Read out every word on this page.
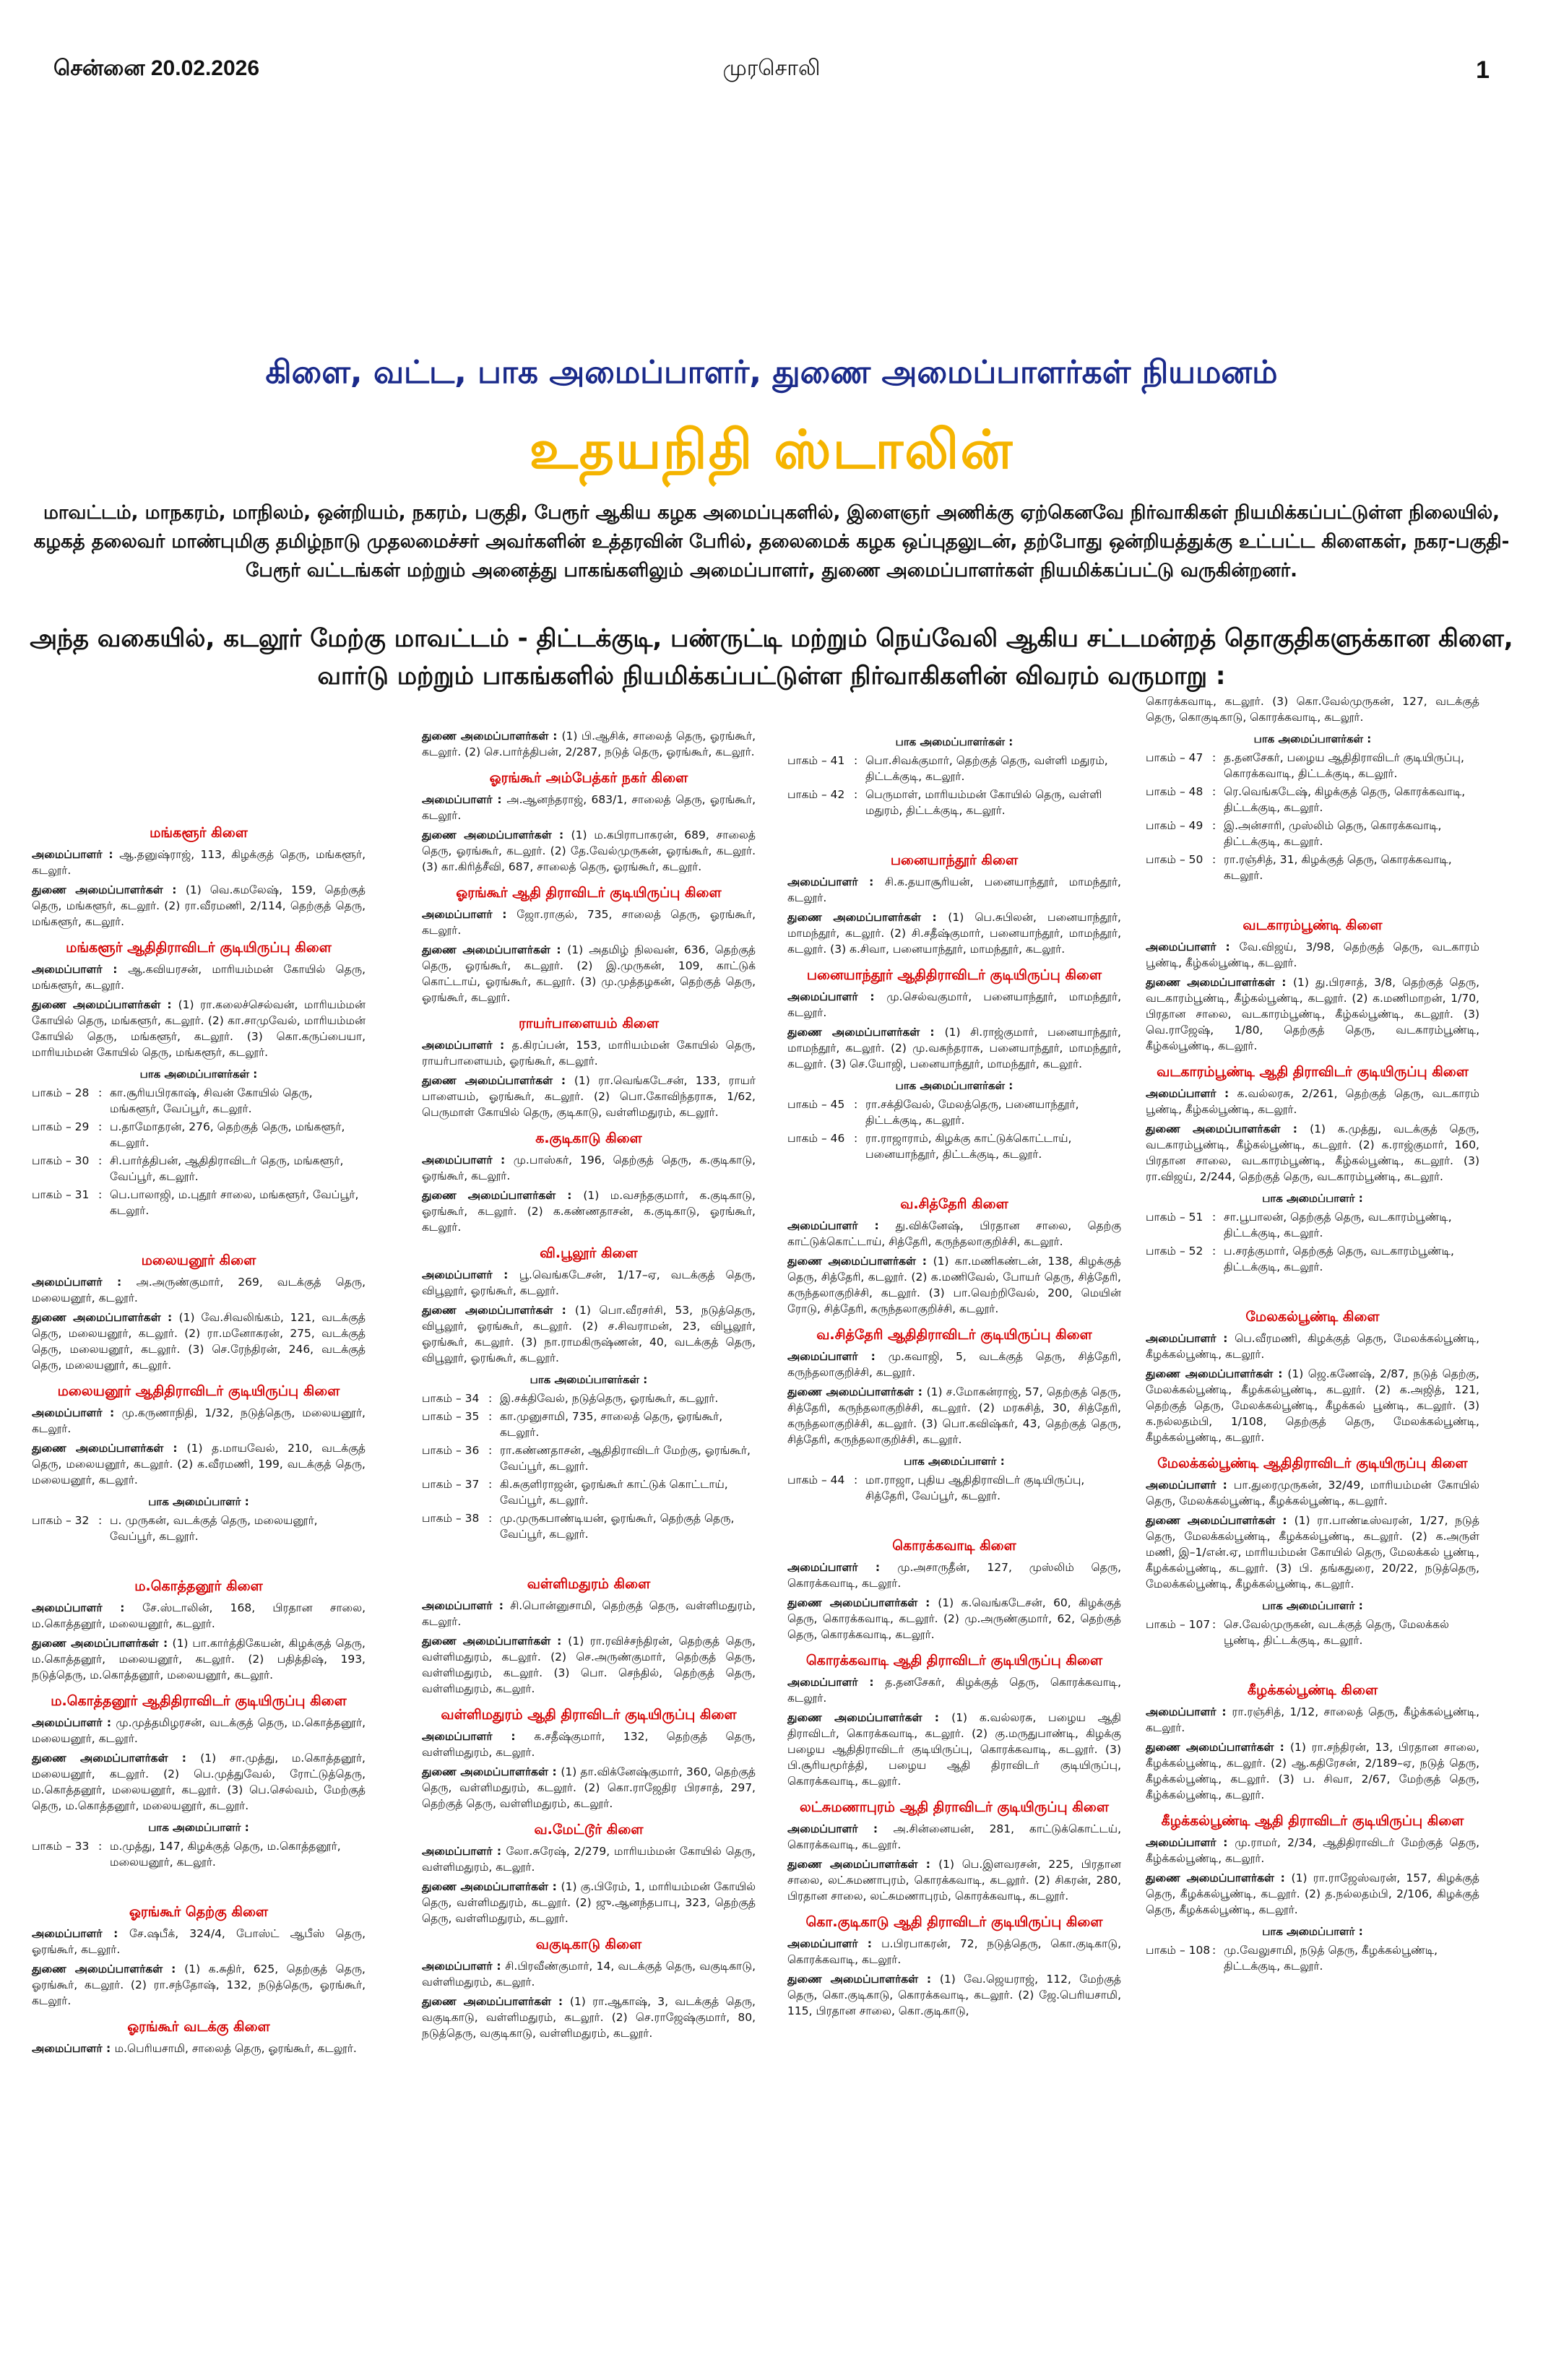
சென்னை 20.02.2026	முரசொலி	1
கிளை, வட்ட, பாக அமைப்பாளர், துணை அமைப்பாளர்கள் நியமனம்
உதயநிதி ஸ்டாலின்
மாவட்டம், மாநகரம், மாநிலம், ஒன்றியம், நகரம், பகுதி, பேரூர் ஆகிய கழக அமைப்புகளில், இளைஞர் அணிக்கு ஏற்கெனவே நிர்வாகிகள் நியமிக்கப்பட்டுள்ள நிலையில், கழகத் தலைவர் மாண்புமிகு தமிழ்நாடு முதலமைச்சர் அவர்களின் உத்தரவின் பேரில், தலைமைக் கழக ஒப்புதலுடன், தற்போது ஒன்றியத்துக்கு உட்பட்ட கிளைகள், நகர-பகுதி-பேரூர் வட்டங்கள் மற்றும் அனைத்து பாகங்களிலும் அமைப்பாளர், துணை அமைப்பாளர்கள் நியமிக்கப்பட்டு வருகின்றனர்.
அந்த வகையில், கடலூர் மேற்கு மாவட்டம் - திட்டக்குடி, பண்ருட்டி மற்றும் நெய்வேலி ஆகிய சட்டமன்றத் தொகுதிகளுக்கான கிளை, வார்டு மற்றும் பாகங்களில் நியமிக்கப்பட்டுள்ள நிர்வாகிகளின் விவரம் வருமாறு :
மங்களூர் கிளை
அமைப்பாளர் : ஆ.தனுஷ்ராஜ், 113, கிழக்குத் தெரு, மங்களூர், கடலூர்.
துணை அமைப்பாளர்கள் : (1) வெ.கமலேஷ், 159, தெற்குத் தெரு, மங்களூர், கடலூர். (2) ரா.வீரமணி, 2/114, தெற்குத் தெரு, மங்களூர், கடலூர்.
மங்களூர் ஆதிதிராவிடர் குடியிருப்பு கிளை
அமைப்பாளர் : ஆ.கவியரசன், மாரியம்மன் கோயில் தெரு, மங்களூர், கடலூர்.
துணை அமைப்பாளர்கள் : (1) ரா.கலைச்செல்வன், மாரியம்மன் கோயில் தெரு, மங்களூர், கடலூர். (2) கா.சாமுவேல், மாரியம்மன் கோயில் தெரு, மங்களூர், கடலூர். (3) கொ.கருப்பையா, மாரியம்மன் கோயில் தெரு, மங்களூர், கடலூர்.
பாக அமைப்பாளர்கள் :
பாகம் – 28 : கா.சூரியபிரகாஷ், சிவன் கோயில் தெரு, மங்களூர், வேப்பூர், கடலூர்.
பாகம் – 29 : ப.தாமோதரன், 276, தெற்குத் தெரு, மங்களூர், கடலூர்.
பாகம் – 30 : சி.பார்த்திபன், ஆதிதிராவிடர் தெரு, மங்களூர், வேப்பூர், கடலூர்.
பாகம் – 31 : பெ.பாலாஜி, ம.புதூர் சாலை, மங்களூர், வேப்பூர், கடலூர்.
மலையனூர் கிளை
அமைப்பாளர் : அ.அருண்குமார், 269, வடக்குத் தெரு, மலையனூர், கடலூர்.
துணை அமைப்பாளர்கள் : (1) வே.சிவலிங்கம், 121, வடக்குத் தெரு, மலையனூர், கடலூர். (2) ரா.மனோகரன், 275, வடக்குத் தெரு, மலையனூர், கடலூர். (3) செ.ரேந்திரன், 246, வடக்குத் தெரு, மலையனூர், கடலூர்.
மலையனூர் ஆதிதிராவிடர் குடியிருப்பு கிளை
அமைப்பாளர் : மு.கருணாநிதி, 1/32, நடுத்தெரு, மலையனூர், கடலூர்.
துணை அமைப்பாளர்கள் : (1) த.மாயவேல், 210, வடக்குத் தெரு, மலையனூர், கடலூர். (2) க.வீரமணி, 199, வடக்குத் தெரு, மலையனூர், கடலூர்.
பாக அமைப்பாளர் :
பாகம் – 32 : ப. முருகன், வடக்குத் தெரு, மலையனூர், வேப்பூர், கடலூர்.
ம.கொத்தனூர் கிளை
அமைப்பாளர் : சே.ஸ்டாலின், 168, பிரதான சாலை, ம.கொத்தனூர், மலையனூர், கடலூர்.
துணை அமைப்பாளர்கள் : (1) பா.கார்த்திகேயன், கிழக்குத் தெரு, ம.கொத்தனூர், மலையனூர், கடலூர். (2) பதித்திஷ், 193, நடுத்தெரு, ம.கொத்தனூர், மலையனூர், கடலூர்.
ம.கொத்தனூர் ஆதிதிராவிடர் குடியிருப்பு கிளை
அமைப்பாளர் : மு.முத்தமிழரசன், வடக்குத் தெரு, ம.கொத்தனூர், மலையனூர், கடலூர்.
துணை அமைப்பாளர்கள் : (1) சா.முத்து, ம.கொத்தனூர், மலையனூர், கடலூர். (2) பெ.முத்துவேல், ரோட்டுத்தெரு, ம.கொத்தனூர், மலையனூர், கடலூர். (3) பெ.செல்வம், மேற்குத் தெரு, ம.கொத்தனூர், மலையனூர், கடலூர்.
பாக அமைப்பாளர் :
பாகம் – 33 : ம.முத்து, 147, கிழக்குத் தெரு, ம.கொத்தனூர், மலையனூர், கடலூர்.
ஓரங்கூர் தெற்கு கிளை
அமைப்பாளர் : சே.ஷபீக், 324/4, போஸ்ட் ஆபீஸ் தெரு, ஓரங்கூர், கடலூர்.
துணை அமைப்பாளர்கள் : (1) க.சுதிர், 625, தெற்குத் தெரு, ஓரங்கூர், கடலூர். (2) ரா.சந்தோஷ், 132, நடுத்தெரு, ஓரங்கூர், கடலூர்.
ஓரங்கூர் வடக்கு கிளை
அமைப்பாளர் : ம.பெரியசாமி, சாலைத் தெரு, ஓரங்கூர், கடலூர்.
துணை அமைப்பாளர்கள் : (1) பி.ஆசிக், சாலைத் தெரு, ஓரங்கூர், கடலூர். (2) செ.பார்த்திபன், 2/287, நடுத் தெரு, ஓரங்கூர், கடலூர்.
ஓரங்கூர் அம்பேத்கர் நகர் கிளை
அமைப்பாளர் : அ.ஆனந்தராஜ், 683/1, சாலைத் தெரு, ஓரங்கூர், கடலூர்.
துணை அமைப்பாளர்கள் : (1) ம.கபிராபாகரன், 689, சாலைத் தெரு, ஓரங்கூர், கடலூர். (2) தே.வேல்முருகன், ஓரங்கூர், கடலூர். (3) கா.கிரித்சீவி, 687, சாலைத் தெரு, ஓரங்கூர், கடலூர்.
ஓரங்கூர் ஆதி திராவிடர் குடியிருப்பு கிளை
அமைப்பாளர் : ஜோ.ராகுல், 735, சாலைத் தெரு, ஓரங்கூர், கடலூர்.
துணை அமைப்பாளர்கள் : (1) அதமிழ் நிலவன், 636, தெற்குத் தெரு, ஓரங்கூர், கடலூர். (2) இ.முருகன், 109, காட்டுக் கொட்டாய், ஓரங்கூர், கடலூர். (3) மு.முத்தழகன், தெற்குத் தெரு, ஓரங்கூர், கடலூர்.
ராயர்பாளையம் கிளை
அமைப்பாளர் : த.கிரப்பன், 153, மாரியம்மன் கோயில் தெரு, ராயர்பாளையம், ஓரங்கூர், கடலூர்.
துணை அமைப்பாளர்கள் : (1) ரா.வெங்கடேசன், 133, ராயர் பாளையம், ஓரங்கூர், கடலூர். (2) பொ.கோவிந்தராசு, 1/62, பெருமாள் கோயில் தெரு, குடிகாடு, வள்ளிமதுரம், கடலூர்.
க.குடிகாடு கிளை
அமைப்பாளர் : மு.பாஸ்கர், 196, தெற்குத் தெரு, க.குடிகாடு, ஓரங்கூர், கடலூர்.
துணை அமைப்பாளர்கள் : (1) ம.வசந்தகுமார், க.குடிகாடு, ஓரங்கூர், கடலூர். (2) க.கண்ணதாசன், க.குடிகாடு, ஓரங்கூர், கடலூர்.
வி.பூலூர் கிளை
அமைப்பாளர் : பூ.வெங்கடேசன், 1/17–ஏ, வடக்குத் தெரு, விபூலூர், ஓரங்கூர், கடலூர்.
துணை அமைப்பாளர்கள் : (1) பொ.வீரசர்சி, 53, நடுத்தெரு, விபூலூர், ஓரங்கூர், கடலூர். (2) ச.சிவராமன், 23, விபூலூர், ஓரங்கூர், கடலூர். (3) நா.ராமகிருஷ்ணன், 40, வடக்குத் தெரு, விபூலூர், ஓரங்கூர், கடலூர்.
பாக அமைப்பாளர்கள் :
பாகம் – 34 : இ.சக்திவேல், நடுத்தெரு, ஓரங்கூர், கடலூர்.
பாகம் – 35 : கா.முனுசாமி, 735, சாலைத் தெரு, ஓரங்கூர், கடலூர்.
பாகம் – 36 : ரா.கண்ணதாசன், ஆதிதிராவிடர் மேற்கு, ஓரங்கூர், வேப்பூர், கடலூர்.
பாகம் – 37 : கி.சுகுளிராஜன், ஓரங்கூர் காட்டுக் கொட்டாய், வேப்பூர், கடலூர்.
பாகம் – 38 : மு.முருகபாண்டியன், ஓரங்கூர், தெற்குத் தெரு, வேப்பூர், கடலூர்.
வள்ளிமதுரம் கிளை
அமைப்பாளர் : சி.பொன்னுசாமி, தெற்குத் தெரு, வள்ளிமதுரம், கடலூர்.
துணை அமைப்பாளர்கள் : (1) ரா.ரவிச்சந்திரன், தெற்குத் தெரு, வள்ளிமதுரம், கடலூர். (2) செ.அருண்குமார், தெற்குத் தெரு, வள்ளிமதுரம், கடலூர். (3) பொ. செந்தில், தெற்குத் தெரு, வள்ளிமதுரம், கடலூர்.
வள்ளிமதுரம் ஆதி திராவிடர் குடியிருப்பு கிளை
அமைப்பாளர் : க.சதீஷ்குமார், 132, தெற்குத் தெரு, வள்ளிமதுரம், கடலூர்.
துணை அமைப்பாளர்கள் : (1) தா.விக்னேஷ்குமார், 360, தெற்குத் தெரு, வள்ளிமதுரம், கடலூர். (2) கொ.ராஜேதிர பிரசாத், 297, தெற்குத் தெரு, வள்ளிமதுரம், கடலூர்.
வ.மேட்டூர் கிளை
அமைப்பாளர் : லோ.சுரேஷ், 2/279, மாரியம்மன் கோயில் தெரு, வள்ளிமதுரம், கடலூர்.
துணை அமைப்பாளர்கள் : (1) கு.பிரேம், 1, மாரியம்மன் கோயில் தெரு, வள்ளிமதுரம், கடலூர். (2) ஜு.ஆனந்தபாபு, 323, தெற்குத் தெரு, வள்ளிமதுரம், கடலூர்.
வகுடிகாடு கிளை
அமைப்பாளர் : சி.பிரவீண்குமார், 14, வடக்குத் தெரு, வகுடிகாடு, வள்ளிமதுரம், கடலூர்.
துணை அமைப்பாளர்கள் : (1) ரா.ஆகாஷ், 3, வடக்குத் தெரு, வகுடிகாடு, வள்ளிமதுரம், கடலூர். (2) செ.ராஜேஷ்குமார், 80, நடுத்தெரு, வகுடிகாடு, வள்ளிமதுரம், கடலூர்.
பாக அமைப்பாளர்கள் :
பாகம் – 41 : பொ.சிவக்குமார், தெற்குத் தெரு, வள்ளி மதுரம், திட்டக்குடி, கடலூர்.
பாகம் – 42 : பெருமாள், மாரியம்மன் கோயில் தெரு, வள்ளி மதுரம், திட்டக்குடி, கடலூர்.
பனையாந்தூர் கிளை
அமைப்பாளர் : சி.க.தயாசூரியன், பனையாந்தூர், மாமந்தூர், கடலூர்.
துணை அமைப்பாளர்கள் : (1) பெ.சுபிலன், பனையாந்தூர், மாமந்தூர், கடலூர். (2) சி.சதீஷ்குமார், பனையாந்தூர், மாமந்தூர், கடலூர். (3) க.சிவா, பனையாந்தூர், மாமந்தூர், கடலூர்.
பனையாந்தூர் ஆதிதிராவிடர் குடியிருப்பு கிளை
அமைப்பாளர் : மு.செல்வகுமார், பனையாந்தூர், மாமந்தூர், கடலூர்.
துணை அமைப்பாளர்கள் : (1) சி.ராஜ்குமார், பனையாந்தூர், மாமந்தூர், கடலூர். (2) மு.வசுந்தராசு, பனையாந்தூர், மாமந்தூர், கடலூர். (3) செ.யோஜி, பனையாந்தூர், மாமந்தூர், கடலூர்.
பாக அமைப்பாளர்கள் :
பாகம் – 45 : ரா.சக்திவேல், மேலத்தெரு, பனையாந்தூர், திட்டக்குடி, கடலூர்.
பாகம் – 46 : ரா.ராஜாராம், கிழக்கு காட்டுக்கொட்டாய், பனையாந்தூர், திட்டக்குடி, கடலூர்.
வ.சித்தேரி கிளை
அமைப்பாளர் : து.விக்னேஷ், பிரதான சாலை, தெற்கு காட்டுக்கொட்டாய், சித்தேரி, கருந்தலாகுறிச்சி, கடலூர்.
துணை அமைப்பாளர்கள் : (1) கா.மணிகண்டன், 138, கிழக்குத் தெரு, சித்தேரி, கடலூர். (2) க.மணிவேல், போயர் தெரு, சித்தேரி, கருந்தலாகுறிச்சி, கடலூர். (3) பா.வெற்றிவேல், 200, மெயின் ரோடு, சித்தேரி, கருந்தலாகுறிச்சி, கடலூர்.
வ.சித்தேரி ஆதிதிராவிடர் குடியிருப்பு கிளை
அமைப்பாளர் : மு.கவாஜி, 5, வடக்குத் தெரு, சித்தேரி, கருந்தலாகுறிச்சி, கடலூர்.
துணை அமைப்பாளர்கள் : (1) ச.மோகன்ராஜ், 57, தெற்குத் தெரு, சித்தேரி, கருந்தலாகுறிச்சி, கடலூர். (2) மரசுசித், 30, சித்தேரி, கருந்தலாகுறிச்சி, கடலூர். (3) பொ.கவிஷ்கர், 43, தெற்குத் தெரு, சித்தேரி, கருந்தலாகுறிச்சி, கடலூர்.
பாக அமைப்பாளர் :
பாகம் – 44 : மா.ராஜா, புதிய ஆதிதிராவிடர் குடியிருப்பு, சித்தேரி, வேப்பூர், கடலூர்.
கொரக்கவாடி கிளை
அமைப்பாளர் : மு.அசாருதீன், 127, முஸ்லிம் தெரு, கொரக்கவாடி, கடலூர்.
துணை அமைப்பாளர்கள் : (1) க.வெங்கடேசன், 60, கிழக்குத் தெரு, கொரக்கவாடி, கடலூர். (2) மு.அருண்குமார், 62, தெற்குத் தெரு, கொரக்கவாடி, கடலூர்.
கொரக்கவாடி ஆதி திராவிடர் குடியிருப்பு கிளை
அமைப்பாளர் : த.தனசேகர், கிழக்குத் தெரு, கொரக்கவாடி, கடலூர்.
துணை அமைப்பாளர்கள் : (1) க.வல்லரசு, பழைய ஆதி திராவிடர், கொரக்கவாடி, கடலூர். (2) கு.மருதுபாண்டி, கிழக்கு பழைய ஆதிதிராவிடர் குடியிருப்பு, கொரக்கவாடி, கடலூர். (3) பி.சூரியமூர்த்தி, பழைய ஆதி திராவிடர் குடியிருப்பு, கொரக்கவாடி, கடலூர்.
லட்சுமணாபுரம் ஆதி திராவிடர் குடியிருப்பு கிளை
அமைப்பாளர் : அ.சின்னையன், 281, காட்டுக்கொட்டய், கொரக்கவாடி, கடலூர்.
துணை அமைப்பாளர்கள் : (1) பெ.இளவரசன், 225, பிரதான சாலை, லட்சுமணாபுரம், கொரக்கவாடி, கடலூர். (2) சிகரன், 280, பிரதான சாலை, லட்சுமணாபுரம், கொரக்கவாடி, கடலூர்.
கொ.குடிகாடு ஆதி திராவிடர் குடியிருப்பு கிளை
அமைப்பாளர் : ப.பிரபாகரன், 72, நடுத்தெரு, கொ.குடிகாடு, கொரக்கவாடி, கடலூர்.
துணை அமைப்பாளர்கள் : (1) வே.ஜெயராஜ், 112, மேற்குத் தெரு, கொ.குடிகாடு, கொரக்கவாடி, கடலூர். (2) ஜே.பெரியசாமி, 115, பிரதான சாலை, கொ.குடிகாடு,
கொரக்கவாடி, கடலூர். (3) கொ.வேல்முருகன், 127, வடக்குத் தெரு, கொகுடிகாடு, கொரக்கவாடி, கடலூர்.
பாக அமைப்பாளர்கள் :
பாகம் – 47 : த.தனசேகர், பழைய ஆதிதிராவிடர் குடியிருப்பு, கொரக்கவாடி, திட்டக்குடி, கடலூர்.
பாகம் – 48 : ரெ.வெங்கடேஷ், கிழக்குத் தெரு, கொரக்கவாடி, திட்டக்குடி, கடலூர்.
பாகம் – 49 : இ.அன்சாரி, முஸ்லிம் தெரு, கொரக்கவாடி, திட்டக்குடி, கடலூர்.
பாகம் – 50 : ரா.ரஞ்சித், 31, கிழக்குத் தெரு, கொரக்கவாடி, கடலூர்.
வடகாரம்பூண்டி கிளை
அமைப்பாளர் : வே.விஜய், 3/98, தெற்குத் தெரு, வடகாரம் பூண்டி, கீழ்கல்பூண்டி, கடலூர்.
துணை அமைப்பாளர்கள் : (1) து.பிரசாத், 3/8, தெற்குத் தெரு, வடகாரம்பூண்டி, கீழ்கல்பூண்டி, கடலூர். (2) க.மணிமாறன், 1/70, பிரதான சாலை, வடகாரம்பூண்டி, கீழ்கல்பூண்டி, கடலூர். (3) வெ.ராஜேஷ், 1/80, தெற்குத் தெரு, வடகாரம்பூண்டி, கீழ்கல்பூண்டி, கடலூர்.
வடகாரம்பூண்டி ஆதி திராவிடர் குடியிருப்பு கிளை
அமைப்பாளர் : க.வல்லரசு, 2/261, தெற்குத் தெரு, வடகாரம் பூண்டி, கீழ்கல்பூண்டி, கடலூர்.
துணை அமைப்பாளர்கள் : (1) க.முத்து, வடக்குத் தெரு, வடகாரம்பூண்டி, கீழ்கல்பூண்டி, கடலூர். (2) க.ராஜ்குமார், 160, பிரதான சாலை, வடகாரம்பூண்டி, கீழ்கல்பூண்டி, கடலூர். (3) ரா.விஜய், 2/244, தெற்குத் தெரு, வடகாரம்பூண்டி, கடலூர்.
பாக அமைப்பாளர் :
பாகம் – 51 : சா.பூபாலன், தெற்குத் தெரு, வடகாரம்பூண்டி, திட்டக்குடி, கடலூர்.
பாகம் – 52 : ப.சரத்குமார், தெற்குத் தெரு, வடகாரம்பூண்டி, திட்டக்குடி, கடலூர்.
மேலகல்பூண்டி கிளை
அமைப்பாளர் : பெ.வீரமணி, கிழக்குத் தெரு, மேலக்கல்பூண்டி, கீழக்கல்பூண்டி, கடலூர்.
துணை அமைப்பாளர்கள் : (1) ஜெ.கணேஷ், 2/87, நடுத் தெற்கு, மேலக்கல்பூண்டி, கீழக்கல்பூண்டி, கடலூர். (2) க.அஜித், 121, தெற்குத் தெரு, மேலக்கல்பூண்டி, கீழக்கல் பூண்டி, கடலூர். (3) க.நல்லதம்பி, 1/108, தெற்குத் தெரு, மேலக்கல்பூண்டி, கீழக்கல்பூண்டி, கடலூர்.
மேலக்கல்பூண்டி ஆதிதிராவிடர் குடியிருப்பு கிளை
அமைப்பாளர் : பா.துரைமுருகன், 32/49, மாரியம்மன் கோயில் தெரு, மேலக்கல்பூண்டி, கீழக்கல்பூண்டி, கடலூர்.
துணை அமைப்பாளர்கள் : (1) ரா.பாண்டீஸ்வரன், 1/27, நடுத் தெரு, மேலக்கல்பூண்டி, கீழக்கல்பூண்டி, கடலூர். (2) க.அருள் மணி, இ–1/என்.ஏ, மாரியம்மன் கோயில் தெரு, மேலக்கல் பூண்டி, கீழக்கல்பூண்டி, கடலூர். (3) பி. தங்கதுரை, 20/22, நடுத்தெரு, மேலக்கல்பூண்டி, கீழக்கல்பூண்டி, கடலூர்.
பாக அமைப்பாளர் :
பாகம் – 107 : செ.வேல்முருகன், வடக்குத் தெரு, மேலக்கல் பூண்டி, திட்டக்குடி, கடலூர்.
கீழக்கல்பூண்டி கிளை
அமைப்பாளர் : ரா.ரஞ்சித், 1/12, சாலைத் தெரு, கீழ்க்கல்பூண்டி, கடலூர்.
துணை அமைப்பாளர்கள் : (1) ரா.சந்திரன், 13, பிரதான சாலை, கீழக்கல்பூண்டி, கடலூர். (2) ஆ.கதிரேசன், 2/189–ஏ, நடுத் தெரு, கீழக்கல்பூண்டி, கடலூர். (3) ப. சிவா, 2/67, மேற்குத் தெரு, கீழ்க்கல்பூண்டி, கடலூர்.
கீழக்கல்பூண்டி ஆதி திராவிடர் குடியிருப்பு கிளை
அமைப்பாளர் : மு.ராமர், 2/34, ஆதிதிராவிடர் மேற்குத் தெரு, கீழ்க்கல்பூண்டி, கடலூர்.
துணை அமைப்பாளர்கள் : (1) ரா.ராஜேஸ்வரன், 157, கிழக்குத் தெரு, கீழக்கல்பூண்டி, கடலூர். (2) த.நல்லதம்பி, 2/106, கிழக்குத் தெரு, கீழக்கல்பூண்டி, கடலூர்.
பாக அமைப்பாளர் :
பாகம் – 108 : மு.வேலுசாமி, நடுத் தெரு, கீழக்கல்பூண்டி, திட்டக்குடி, கடலூர்.
